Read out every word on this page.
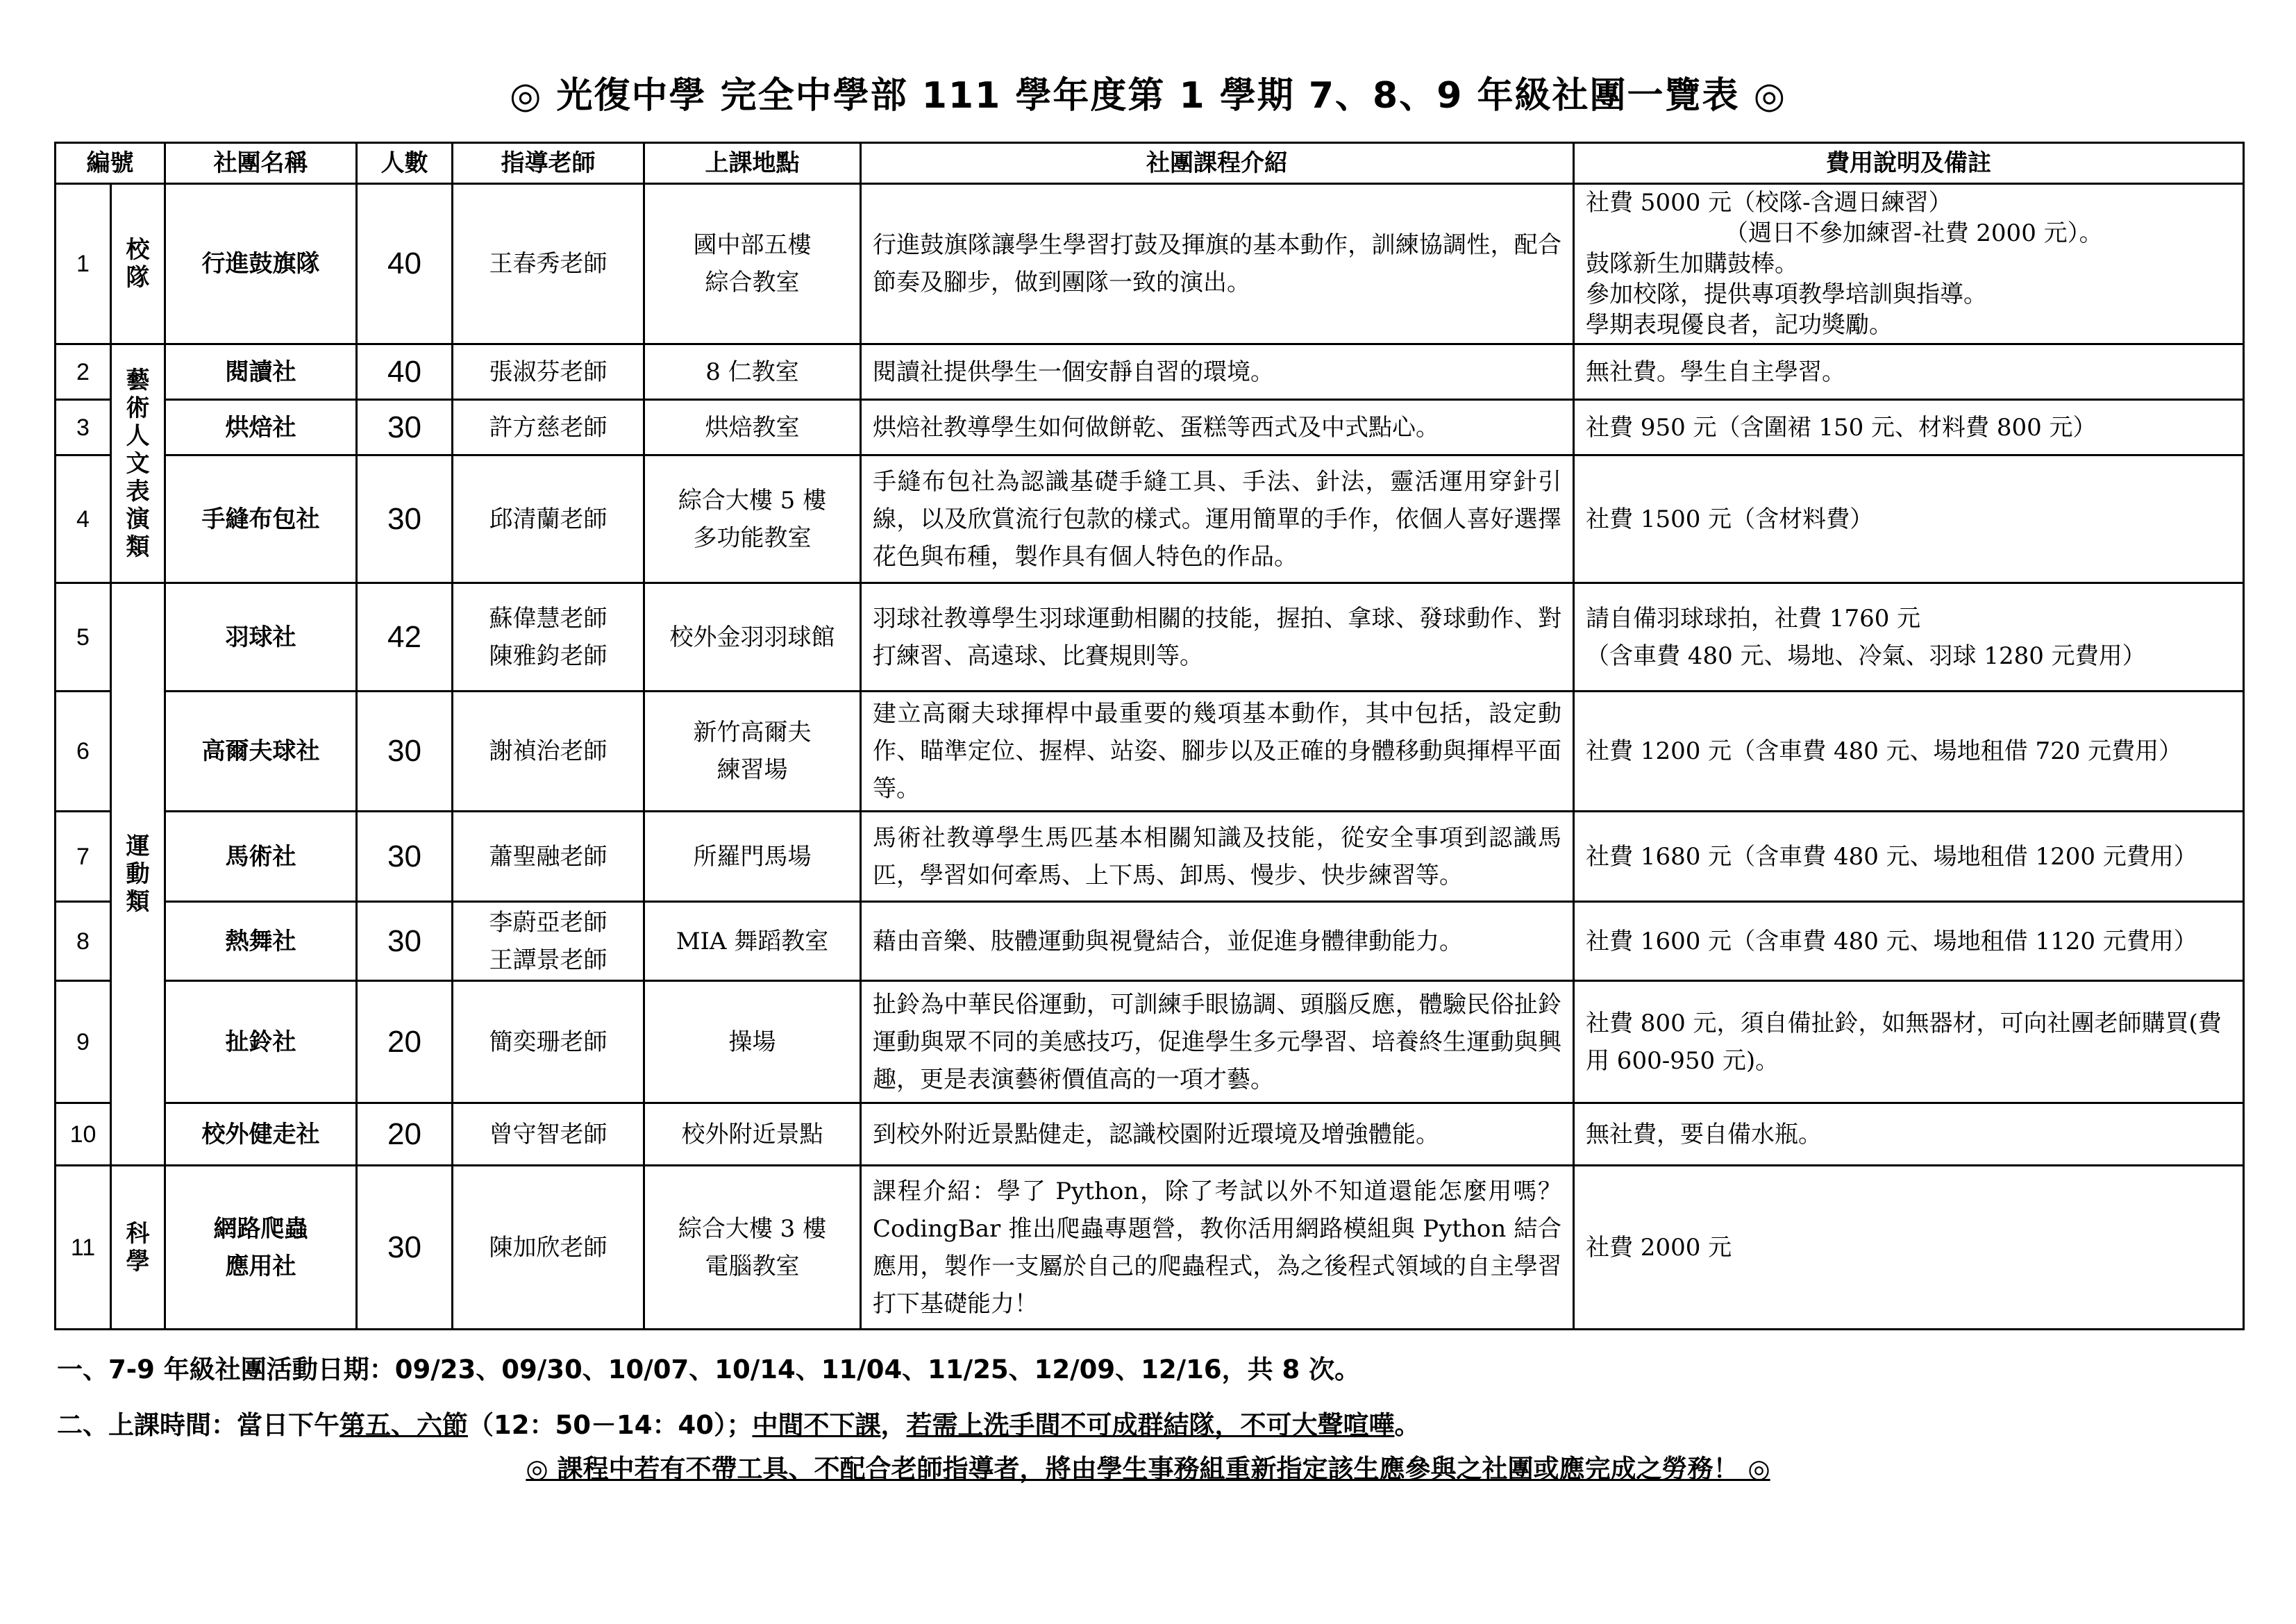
◎ 光復中學 完全中學部 111 學年度第 1 學期 7、8、9 年級社團一覽表 ◎
編號		社團名稱	人數	指導老師	上課地點	社團課程介紹	費用說明及備註
1	校隊	行進鼓旗隊	40	王春秀老師	國中部五樓
綜合教室	行進鼓旗隊讓學生學習打鼓及揮旗的基本動作，訓練協調性，配合節奏及腳步，做到團隊一致的演出。	社費 5000 元（校隊-含週日練習）
（週日不參加練習-社費 2000 元）。
鼓隊新生加購鼓棒。
參加校隊，提供專項教學培訓與指導。
學期表現優良者，記功獎勵。

2	藝術人文表演類	閱讀社	40	張淑芬老師	8 仁教室	閱讀社提供學生一個安靜自習的環境。	無社費。學生自主學習。

3		烘焙社	30	許方慈老師	烘焙教室	烘焙社教導學生如何做餅乾、蛋糕等西式及中式點心。	社費 950 元（含圍裙 150 元、材料費 800 元）

4		手縫布包社	30	邱清蘭老師	綜合大樓 5 樓
多功能教室	手縫布包社為認識基礎手縫工具、手法、針法，靈活運用穿針引線，以及欣賞流行包款的樣式。運用簡單的手作，依個人喜好選擇花色與布種，製作具有個人特色的作品。	社費 1500 元（含材料費）

5	運動類	羽球社	42	蘇偉慧老師
陳雅鈞老師	校外金羽羽球館	羽球社教導學生羽球運動相關的技能，握拍、拿球、發球動作、對打練習、高遠球、比賽規則等。	請自備羽球球拍，社費 1760 元
（含車費 480 元、場地、冷氣、羽球 1280 元費用）

6		高爾夫球社	30	謝禎治老師	新竹高爾夫
練習場	建立高爾夫球揮桿中最重要的幾項基本動作，其中包括，設定動作、瞄準定位、握桿、站姿、腳步以及正確的身體移動與揮桿平面等。	社費 1200 元（含車費 480 元、場地租借 720 元費用）

7		馬術社	30	蕭聖融老師	所羅門馬場	馬術社教導學生馬匹基本相關知識及技能，從安全事項到認識馬匹，學習如何牽馬、上下馬、卸馬、慢步、快步練習等。	社費 1680 元（含車費 480 元、場地租借 1200 元費用）

8		熱舞社	30	李蔚亞老師
王譚景老師	MIA 舞蹈教室	藉由音樂、肢體運動與視覺結合，並促進身體律動能力。	社費 1600 元（含車費 480 元、場地租借 1120 元費用）

9		扯鈴社	20	簡奕珊老師	操場	扯鈴為中華民俗運動，可訓練手眼協調、頭腦反應，體驗民俗扯鈴運動與眾不同的美感技巧，促進學生多元學習、培養終生運動與興趣，更是表演藝術價值高的一項才藝。	社費 800 元，須自備扯鈴，如無器材，可向社團老師購買(費用 600-950 元)。

10		校外健走社	20	曾守智老師	校外附近景點	到校外附近景點健走，認識校園附近環境及增強體能。	無社費，要自備水瓶。

11	科學	網路爬蟲
應用社	30	陳加欣老師	綜合大樓 3 樓
電腦教室	課程介紹：學了 Python，除了考試以外不知道還能怎麼用嗎？ CodingBar 推出爬蟲專題營，教你活用網路模組與 Python 結合應用，製作一支屬於自己的爬蟲程式，為之後程式領域的自主學習打下基礎能力！	社費 2000 元
一、7-9 年級社團活動日期：09/23、09/30、10/07、10/14、11/04、11/25、12/09、12/16，共 8 次。
二、上課時間：當日下午第五、六節（12：50－14：40）；中間不下課，若需上洗手間不可成群結隊，不可大聲喧嘩。
◎ 課程中若有不帶工具、不配合老師指導者，將由學生事務組重新指定該生應參與之社團或應完成之勞務！ ◎
